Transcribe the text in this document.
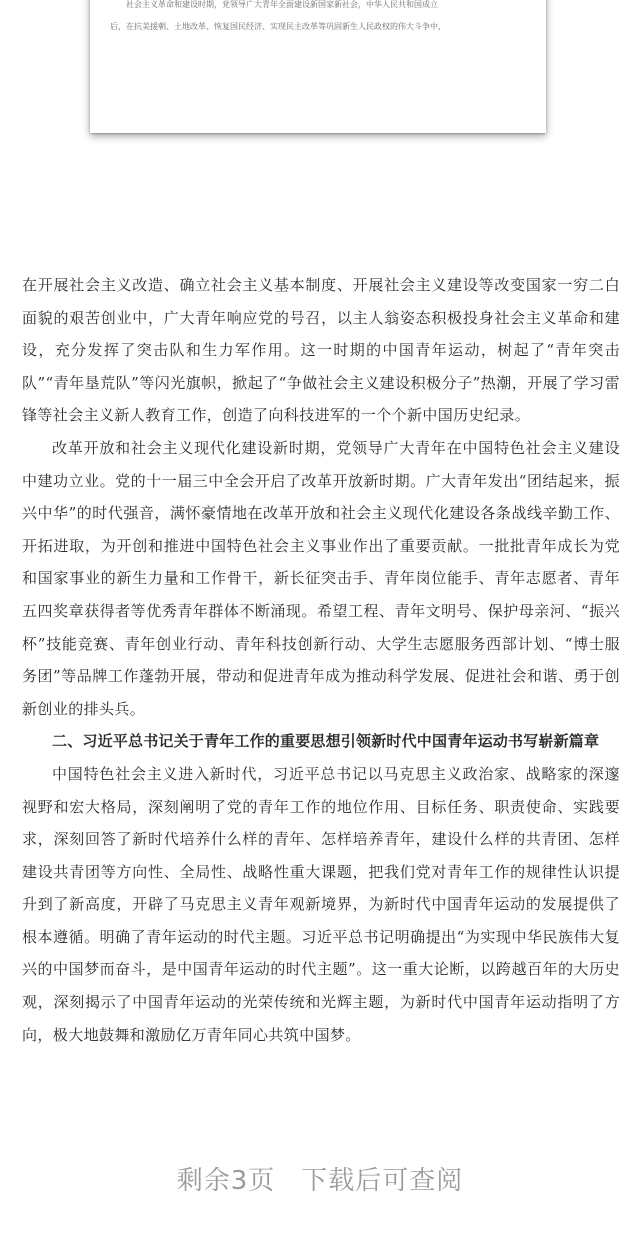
社会主义革命和建设时期，党领导广大青年全面建设新国家新社会，中华人民共和国成立

后，在抗美援朝、土地改革、恢复国民经济、实现民主改革等巩固新生人民政权的伟大斗争中，

在开展社会主义改造、确立社会主义基本制度、开展社会主义建设等改变国家一穷二白面貌的艰苦创业中，广大青年响应党的号召，以主人翁姿态积极投身社会主义革命和建设，充分发挥了突击队和生力军作用。这一时期的中国青年运动，树起了“青年突击队”“青年垦荒队”等闪光旗帜，掀起了“争做社会主义建设积极分子”热潮，开展了学习雷锋等社会主义新人教育工作，创造了向科技进军的一个个新中国历史纪录。

改革开放和社会主义现代化建设新时期，党领导广大青年在中国特色社会主义建设中建功立业。党的十一届三中全会开启了改革开放新时期。广大青年发出“团结起来，振兴中华”的时代强音，满怀豪情地在改革开放和社会主义现代化建设各条战线辛勤工作、开拓进取，为开创和推进中国特色社会主义事业作出了重要贡献。一批批青年成长为党和国家事业的新生力量和工作骨干，新长征突击手、青年岗位能手、青年志愿者、青年五四奖章获得者等优秀青年群体不断涌现。希望工程、青年文明号、保护母亲河、“振兴杯”技能竞赛、青年创业行动、青年科技创新行动、大学生志愿服务西部计划、“博士服务团”等品牌工作蓬勃开展，带动和促进青年成为推动科学发展、促进社会和谐、勇于创新创业的排头兵。

二、习近平总书记关于青年工作的重要思想引领新时代中国青年运动书写崭新篇章

中国特色社会主义进入新时代，习近平总书记以马克思主义政治家、战略家的深邃视野和宏大格局，深刻阐明了党的青年工作的地位作用、目标任务、职责使命、实践要求，深刻回答了新时代培养什么样的青年、怎样培养青年，建设什么样的共青团、怎样建设共青团等方向性、全局性、战略性重大课题，把我们党对青年工作的规律性认识提升到了新高度，开辟了马克思主义青年观新境界，为新时代中国青年运动的发展提供了根本遵循。明确了青年运动的时代主题。习近平总书记明确提出“为实现中华民族伟大复兴的中国梦而奋斗，是中国青年运动的时代主题”。这一重大论断，以跨越百年的大历史观，深刻揭示了中国青年运动的光荣传统和光辉主题，为新时代中国青年运动指明了方向，极大地鼓舞和激励亿万青年同心共筑中国梦。

剩余3页 下载后可查阅
